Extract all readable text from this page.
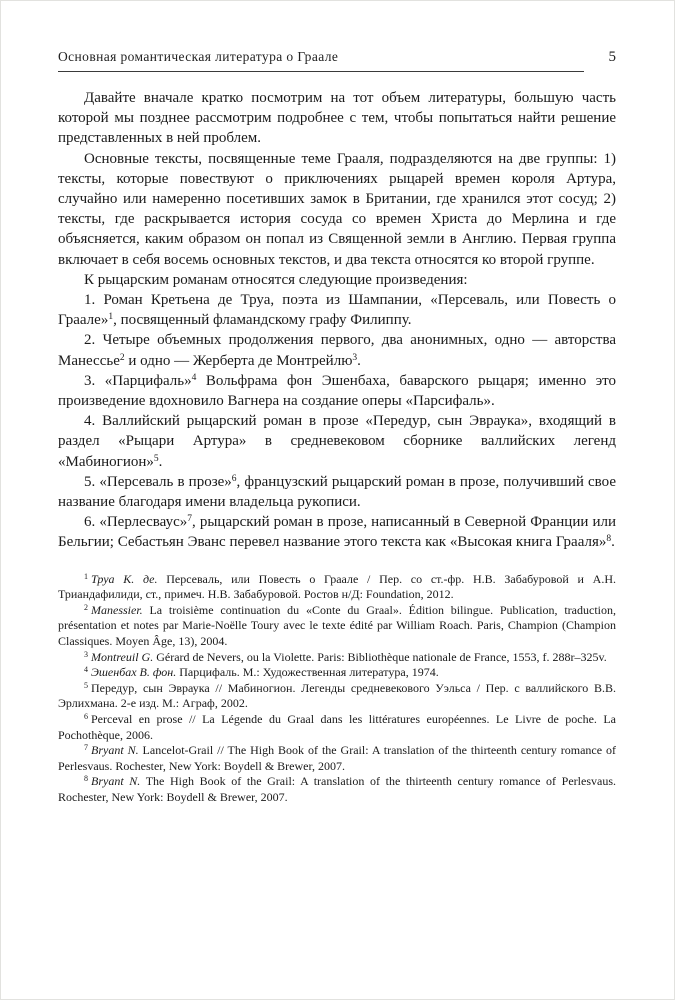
Основная романтическая литература о Граале	5

Давайте вначале кратко посмотрим на тот объем литературы, большую часть которой мы позднее рассмотрим подробнее с тем, чтобы попытаться найти решение представленных в ней проблем.

Основные тексты, посвященные теме Грааля, подразделяются на две группы: 1) тексты, которые повествуют о приключениях рыцарей времен короля Артура, случайно или намеренно посетивших замок в Британии, где хранился этот сосуд; 2) тексты, где раскрывается история сосуда со времен Христа до Мерлина и где объясняется, каким образом он попал из Священной земли в Англию. Первая группа включает в себя восемь основных текстов, и два текста относятся ко второй группе.

К рыцарским романам относятся следующие произведения:

1. Роман Кретьена де Труа, поэта из Шампании, «Персеваль, или Повесть о Граале»$^1$, посвященный фламандскому графу Филиппу.

2. Четыре объемных продолжения первого, два анонимных, одно — авторства Манессье$^2$ и одно — Жерберта де Монтрейлю$^3$.

3. «Парцифаль»$^4$ Вольфрама фон Эшенбаха, баварского рыцаря; именно это произведение вдохновило Вагнера на создание оперы «Парсифаль».

4. Валлийский рыцарский роман в прозе «Передур, сын Эвраука», входящий в раздел «Рыцари Артура» в средневековом сборнике валлийских легенд «Мабиногион»$^5$.

5. «Персеваль в прозе»$^6$, французский рыцарский роман в прозе, получивший свое название благодаря имени владельца рукописи.

6. «Перлесваус»$^7$, рыцарский роман в прозе, написанный в Северной Франции или Бельгии; Себастьян Эванс перевел название этого текста как «Высокая книга Грааля»$^8$.

$^1$ Труа К. де. Персеваль, или Повесть о Граале / Пер. со ст.-фр. Н.В. Забабуровой и А.Н. Триандафилиди, ст., примеч. Н.В. Забабуровой. Ростов н/Д: Foundation, 2012.

$^2$ Manessier. La troisième continuation du «Conte du Graal». Édition bilingue. Publication, traduction, présentation et notes par Marie-Noëlle Toury avec le texte édité par William Roach. Paris, Champion (Champion Classiques. Moyen Âge, 13), 2004.

$^3$ Montreuil G. Gérard de Nevers, ou la Violette. Paris: Bibliothèque nationale de France, 1553, f. 288r–325v.

$^4$ Эшенбах В. фон. Парцифаль. М.: Художественная литература, 1974.

$^5$ Передур, сын Эвраука // Мабиногион. Легенды средневекового Уэльса / Пер. с валлийского В.В. Эрлихмана. 2-е изд. М.: Аграф, 2002.

$^6$ Perceval en prose // La Légende du Graal dans les littératures européennes. Le Livre de poche. La Pochothèque, 2006.

$^7$ Bryant N. Lancelot-Grail // The High Book of the Grail: A translation of the thirteenth century romance of Perlesvaus. Rochester, New York: Boydell & Brewer, 2007.

$^8$ Bryant N. The High Book of the Grail: A translation of the thirteenth century romance of Perlesvaus. Rochester, New York: Boydell & Brewer, 2007.
